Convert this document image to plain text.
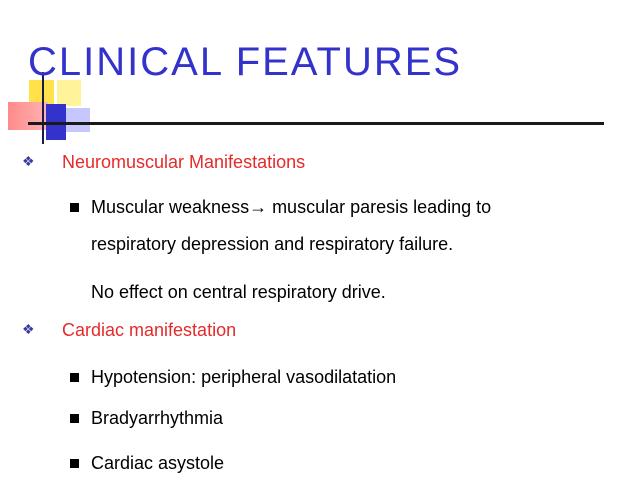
CLINICAL FEATURES
❖ Neuromuscular Manifestations
Muscular weakness→ muscular paresis leading to
respiratory depression and respiratory failure.
No effect on central respiratory drive.
❖ Cardiac manifestation
Hypotension: peripheral vasodilatation
Bradyarrhythmia
Cardiac asystole
